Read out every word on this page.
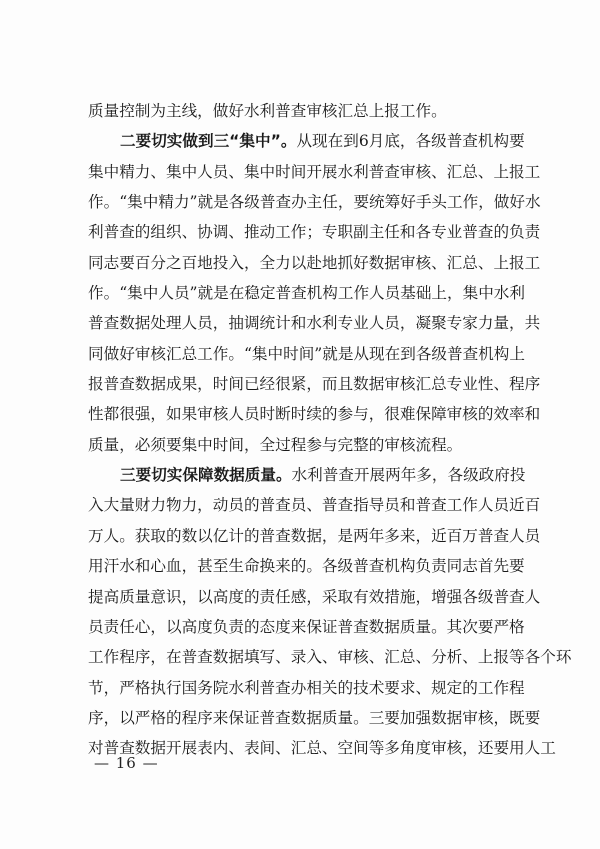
质量控制为主线，做好水利普查审核汇总上报工作。
二要切实做到三“集中”。从现在到6月底，各级普查机构要
集中精力、集中人员、集中时间开展水利普查审核、汇总、上报工
作。“集中精力”就是各级普查办主任，要统筹好手头工作，做好水
利普查的组织、协调、推动工作；专职副主任和各专业普查的负责
同志要百分之百地投入，全力以赴地抓好数据审核、汇总、上报工
作。“集中人员”就是在稳定普查机构工作人员基础上，集中水利
普查数据处理人员，抽调统计和水利专业人员，凝聚专家力量，共
同做好审核汇总工作。“集中时间”就是从现在到各级普查机构上
报普查数据成果，时间已经很紧，而且数据审核汇总专业性、程序
性都很强，如果审核人员时断时续的参与，很难保障审核的效率和
质量，必须要集中时间，全过程参与完整的审核流程。
三要切实保障数据质量。水利普查开展两年多，各级政府投
入大量财力物力，动员的普查员、普查指导员和普查工作人员近百
万人。获取的数以亿计的普查数据，是两年多来，近百万普查人员
用汗水和心血，甚至生命换来的。各级普查机构负责同志首先要
提高质量意识，以高度的责任感，采取有效措施，增强各级普查人
员责任心，以高度负责的态度来保证普查数据质量。其次要严格
工作程序，在普查数据填写、录入、审核、汇总、分析、上报等各个环
节，严格执行国务院水利普查办相关的技术要求、规定的工作程
序，以严格的程序来保证普查数据质量。三要加强数据审核，既要
对普查数据开展表内、表间、汇总、空间等多角度审核，还要用人工
— 16 —
